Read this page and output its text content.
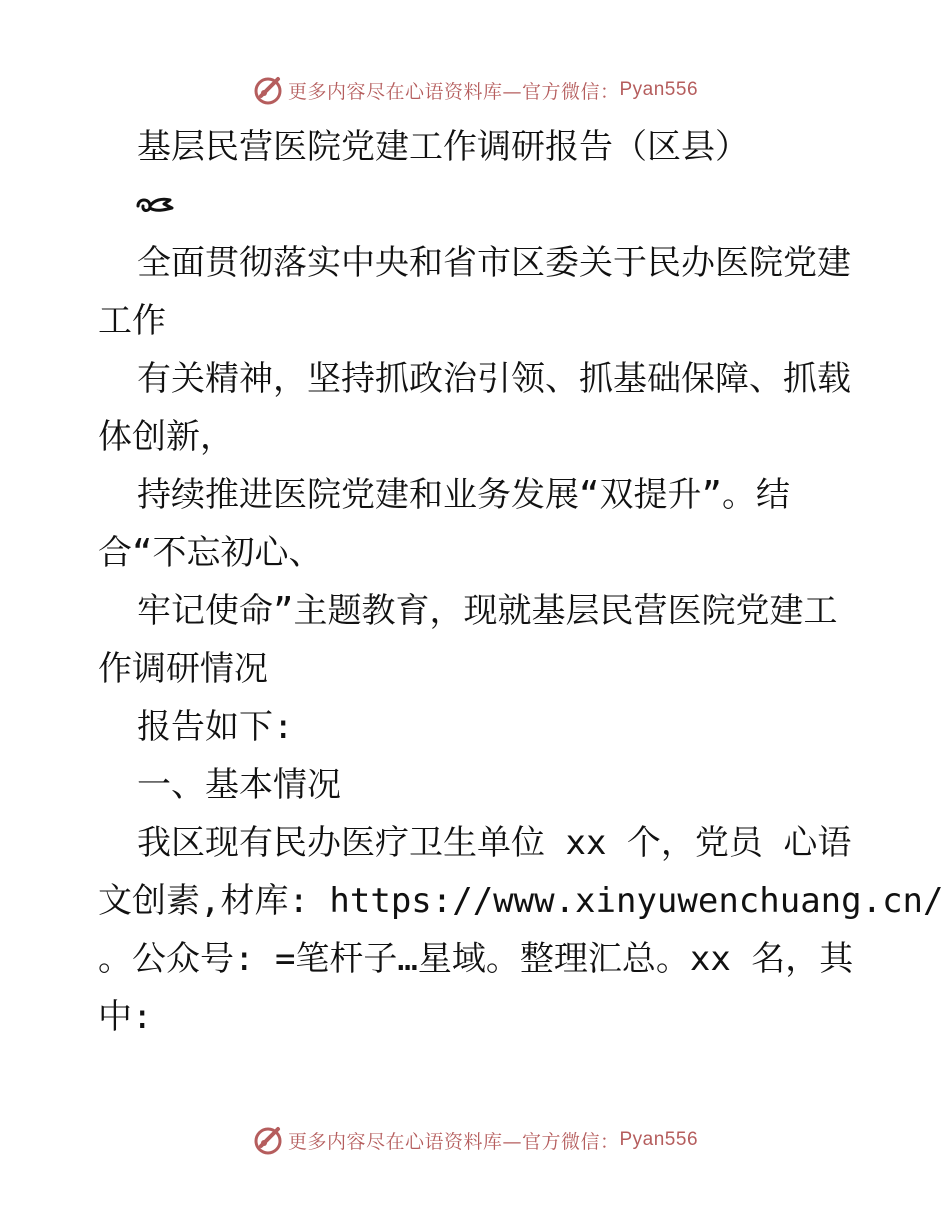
更多内容尽在心语资料库—官方微信： Pyan556
基层民营医院党建工作调研报告（区县）
全面贯彻落实中央和省市区委关于民办医院党建
工作
有关精神，坚持抓政治引领、抓基础保障、抓载
体创新，
持续推进医院党建和业务发展“双提升”。结
合“不忘初心、
牢记使命”主题教育，现就基层民营医院党建工
作调研情况
报告如下:
一、基本情况
我区现有民办医疗卫生单位 xx 个，党员 心语
文创素,材库: https://www.xinyuwenchuang.cn/
。公众号: =笔杆子…星域。整理汇总。xx 名，其
中:
更多内容尽在心语资料库—官方微信： Pyan556
